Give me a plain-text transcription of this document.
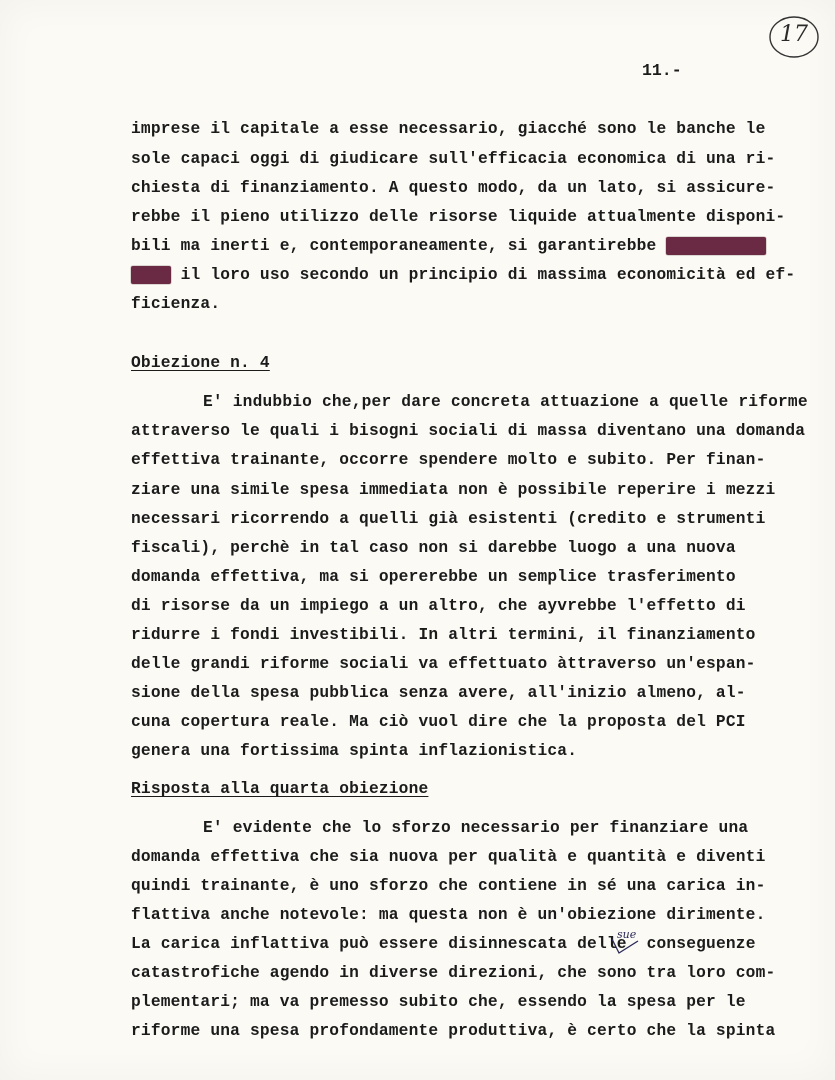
17
11.-
imprese il capitale a esse necessario, giacché sono le banche le
sole capaci oggi di giudicare sull'efficacia economica di una ri-
chiesta di finanziamento. A questo modo, da un lato, si assicure-
rebbe il pieno utilizzo delle risorse liquide attualmente disponi-
bili ma inerti e, contemporaneamente, si garantirebbe dall'altro
lato il loro uso secondo un principio di massima economicità ed ef-
ficienza.
Obiezione n. 4
E' indubbio che,per dare concreta attuazione a quelle riforme
attraverso le quali i bisogni sociali di massa diventano una domanda
effettiva trainante, occorre spendere molto e subito. Per finan-
ziare una simile spesa immediata non è possibile reperire i mezzi
necessari ricorrendo a quelli già esistenti (credito e strumenti
fiscali), perchè in tal caso non si darebbe luogo a una nuova
domanda effettiva, ma si opererebbe un semplice trasferimento
di risorse da un impiego a un altro, che ayvrebbe l'effetto di
ridurre i fondi investibili. In altri termini, il finanziamento
delle grandi riforme sociali va effettuato àttraverso un'espan-
sione della spesa pubblica senza avere, all'inizio almeno, al-
cuna copertura reale. Ma ciò vuol dire che la proposta del PCI
genera una fortissima spinta inflazionistica.
Risposta alla quarta obiezione
E' evidente che lo sforzo necessario per finanziare una
domanda effettiva che sia nuova per qualità e quantità e diventi
quindi trainante, è uno sforzo che contiene in sé una carica in-
flattiva anche notevole: ma questa non è un'obiezione dirimente.
La carica inflattiva può essere disinnescata delle conseguenze
catastrofiche agendo in diverse direzioni, che sono tra loro com-
plementari; ma va premesso subito che, essendo la spesa per le
riforme una spesa profondamente produttiva, è certo che la spinta
sue
